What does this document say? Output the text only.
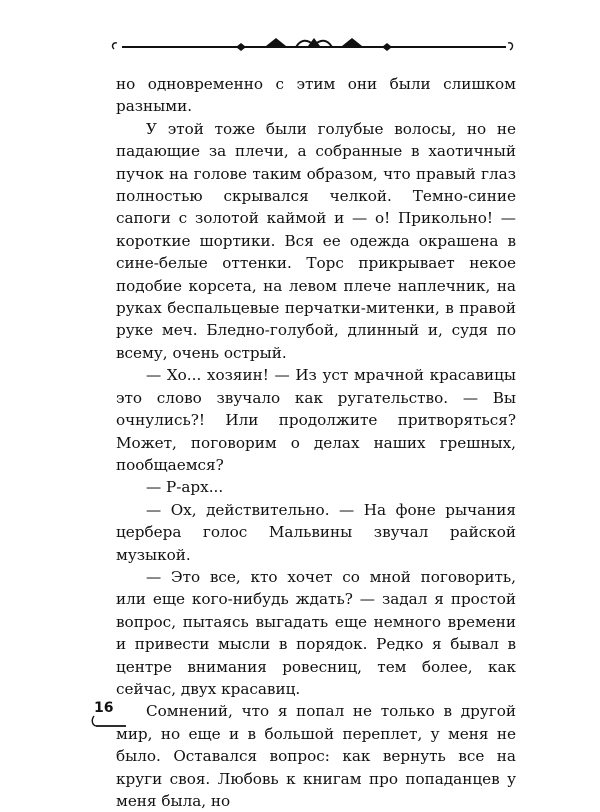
но одновременно с этим они были слишком разными.

У этой тоже были голубые волосы, но не падающие за плечи, а собранные в хаотичный пучок на голове таким образом, что правый глаз полностью скрывался челкой. Темно-синие сапоги с золотой каймой и — о! Прикольно! — короткие шортики. Вся ее одежда окрашена в сине-белые оттенки. Торс прикрывает некое подобие корсета, на левом плече наплечник, на руках беспальцевые перчатки-митенки, в правой руке меч. Бледно-голубой, длинный и, судя по всему, очень острый.

— Хо... хозяин! — Из уст мрачной красавицы это слово звучало как ругательство. — Вы очнулись?! Или продолжите притворяться? Может, поговорим о делах наших грешных, пообщаемся?

— Р-арх...

— Ох, действительно. — На фоне рычания цербера голос Мальвины звучал райской музыкой.

— Это все, кто хочет со мной поговорить, или еще кого-нибудь ждать? — задал я простой вопрос, пытаясь выгадать еще немного времени и привести мысли в порядок. Редко я бывал в центре внимания ровесниц, тем более, как сейчас, двух красавиц.

Сомнений, что я попал не только в другой мир, но еще и в большой переплет, у меня не было. Оставался вопрос: как вернуть все на круги своя. Любовь к книгам про попаданцев у меня была, но

16
